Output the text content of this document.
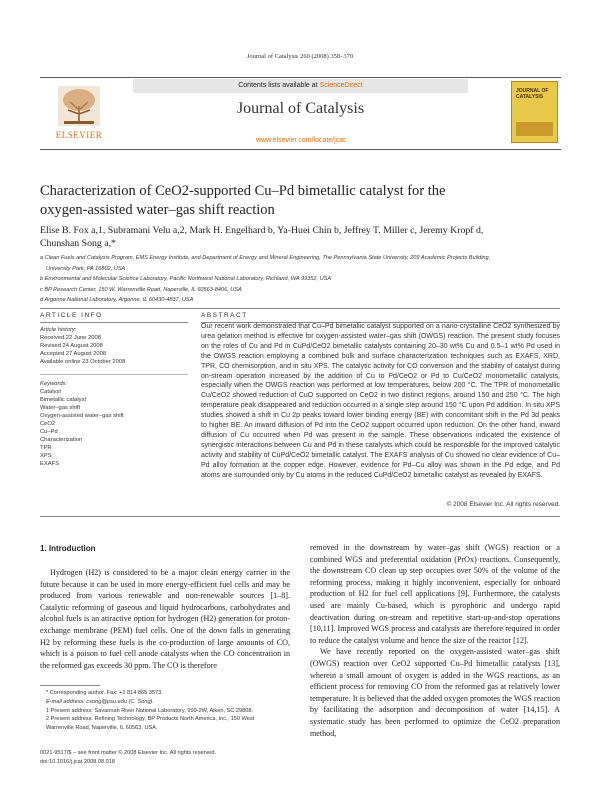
Journal of Catalysis 260 (2008) 358–370
ELSEVIER
Contents lists available at ScienceDirect
Journal of Catalysis
www.elsevier.com/locate/jcat
JOURNAL OF CATALYSIS
Characterization of CeO2-supported Cu–Pd bimetallic catalyst for the
oxygen-assisted water–gas shift reaction
Elise B. Fox a,1, Subramani Velu a,2, Mark H. Engelhard b, Ya-Huei Chin b, Jeffrey T. Miller c, Jeremy Kropf d,
Chunshan Song a,*
a Clean Fuels and Catalysis Program, EMS Energy Institute, and Department of Energy and Mineral Engineering, The Pennsylvania State University, 209 Academic Projects Building,
University Park, PA 16802, USA
b Environmental and Molecular Science Laboratory, Pacific Northwest National Laboratory, Richland, WA 99352, USA
c BP Research Center, 150 W. Warrenville Road, Naperville, IL 60563-8406, USA
d Argonne National Laboratory, Argonne, IL 60430-4837, USA
ARTICLE INFO	ABSTRACT
Article history:
Received 22 June 2008
Revised 24 August 2008
Accepted 27 August 2008
Available online 23 October 2008
Keywords:
Catalyst
Bimetallic catalyst
Water–gas shift
Oxygen-assisted water–gas shift
CeO2
Cu–Pd
Characterization
TPR
XPS
EXAFS
Our recent work demonstrated that Cu–Pd bimetallic catalyst supported on a nano-crystalline CeO2 synthesized by urea gelation method is effective for oxygen-assisted water–gas shift (OWGS) reaction. The present study focuses on the roles of Cu and Pd in CuPd/CeO2 bimetallic catalysts containing 20–30 wt% Cu and 0.5–1 wt% Pd used in the OWGS reaction employing a combined bulk and surface characterization techniques such as EXAFS, XRD, TPR, CO chemisorption, and in situ XPS. The catalytic activity for CO conversion and the stability of catalyst during on-stream operation increased by the addition of Cu to Pd/CeO2 or Pd to Cu/CeO2 monometallic catalysts, especially when the OWGS reaction was performed at low temperatures, below 200 °C. The TPR of monometallic Cu/CeO2 showed reduction of CuO supported on CeO2 in two distinct regions, around 150 and 250 °C. The high temperature peak disappeared and reduction occurred in a single step around 150 °C upon Pd addition. In situ XPS studies showed a shift in Cu 2p peaks toward lower binding energy (BE) with concomitant shift in the Pd 3d peaks to higher BE. An inward diffusion of Pd into the CeO2 support occurred upon reduction. On the other hand, inward diffusion of Cu occurred when Pd was present in the sample. These observations indicated the existence of synergistic interactions between Cu and Pd in these catalysts which could be responsible for the improved catalytic activity and stability of CuPd/CeO2 bimetallic catalyst. The EXAFS analysis of Cu showed no clear evidence of Cu–Pd alloy formation at the copper edge. However, evidence for Pd–Cu alloy was shown in the Pd edge, and Pd atoms are surrounded only by Cu atoms in the reduced CuPd/CeO2 bimetallic catalyst as revealed by EXAFS.
© 2008 Elsevier Inc. All rights reserved.
1. Introduction

Hydrogen (H2) is considered to be a major clean energy carrier in the future because it can be used in more energy-efficient fuel cells and may be produced from various renewable and non-renewable sources [1–8]. Catalytic reforming of gaseous and liquid hydrocarbons, carbohydrates and alcohol fuels is an attractive option for hydrogen (H2) generation for proton-exchange membrane (PEM) fuel cells. One of the down falls in generating H2 by reforming these fuels is the co-production of large amounts of CO, which is a poison to fuel cell anode catalysts when the CO concentration in the reformed gas exceeds 30 ppm. The CO is therefore

removed in the downstream by water–gas shift (WGS) reaction or a combined WGS and preferential oxidation (PrOx) reactions. Consequently, the downstream CO clean up step occupies over 50% of the volume of the reforming process, making it highly inconvenient, especially for onboard production of H2 for fuel cell applications [9]. Furthermore, the catalysts used are mainly Cu-based, which is pyrophoric and undergo rapid deactivation during on-stream and repetitive start-up-and-stop operations [10,11]. Improved WGS process and catalysts are therefore required in order to reduce the catalyst volume and hence the size of the reactor [12].

We have recently reported on the oxygen-assisted water–gas shift (OWGS) reaction over CeO2 supported Cu–Pd bimetallic catalysts [13], wherein a small amount of oxygen is added in the WGS reactions, as an efficient process for removing CO from the reformed gas at relatively lower temperature. It is believed that the added oxygen promotes the WGS reaction by facilitating the adsorption and decomposition of water [14,15]. A systematic study has been performed to optimize the CeO2 preparation method,

* Corresponding author. Fax: +1 814 865 3573.
E-mail address: csong@psu.edu (C. Song).
1 Present address: Savannah River National Laboratory, 999-2W, Aiken, SC 29808.
2 Present address: Refining Technology, BP Products North America, Inc., 150 West
Warrenville Road, Naperville, IL 60563, USA.
0021-9517/$ – see front matter © 2008 Elsevier Inc. All rights reserved.
doi:10.1016/j.jcat.2008.08.018
